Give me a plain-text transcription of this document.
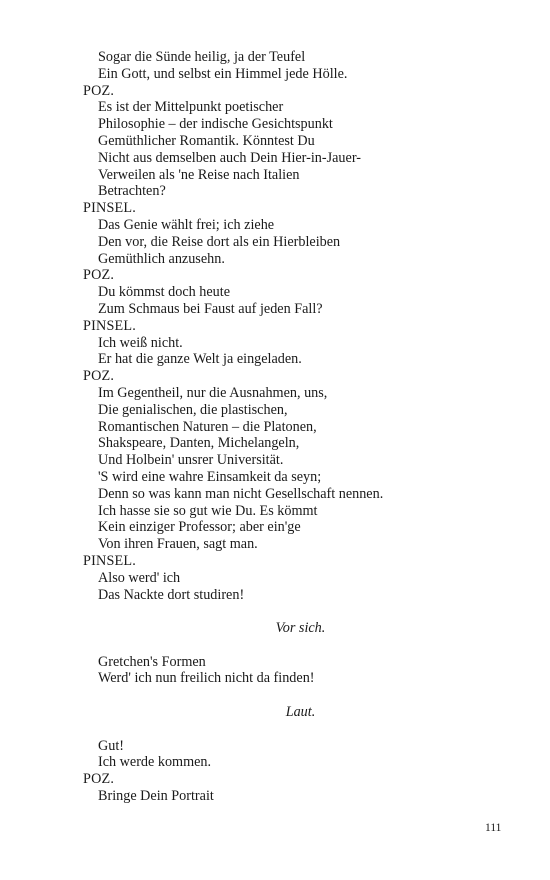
Sogar die Sünde heilig, ja der Teufel
Ein Gott, und selbst ein Himmel jede Hölle.
POZ.
Es ist der Mittelpunkt poetischer
Philosophie – der indische Gesichtspunkt
Gemüthlicher Romantik. Könntest Du
Nicht aus demselben auch Dein Hier-in-Jauer-
Verweilen als 'ne Reise nach Italien
Betrachten?
PINSEL.
Das Genie wählt frei; ich ziehe
Den vor, die Reise dort als ein Hierbleiben
Gemüthlich anzusehn.
POZ.
Du kömmst doch heute
Zum Schmaus bei Faust auf jeden Fall?
PINSEL.
Ich weiß nicht.
Er hat die ganze Welt ja eingeladen.
POZ.
Im Gegentheil, nur die Ausnahmen, uns,
Die genialischen, die plastischen,
Romantischen Naturen – die Platonen,
Shakspeare, Danten, Michelangeln,
Und Holbein' unsrer Universität.
'S wird eine wahre Einsamkeit da seyn;
Denn so was kann man nicht Gesellschaft nennen.
Ich hasse sie so gut wie Du. Es kömmt
Kein einziger Professor; aber ein'ge
Von ihren Frauen, sagt man.
PINSEL.
Also werd' ich
Das Nackte dort studiren!
Vor sich.
Gretchen's Formen
Werd' ich nun freilich nicht da finden!
Laut.
Gut!
Ich werde kommen.
POZ.
Bringe Dein Portrait
111
